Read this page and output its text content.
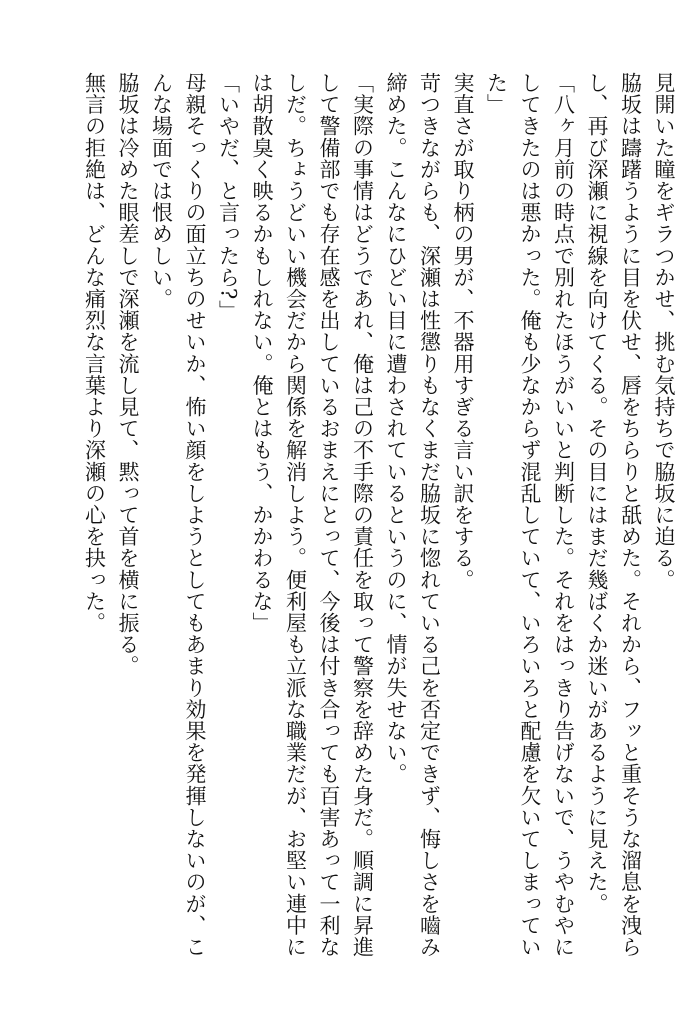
見開いた瞳をギラつかせ、挑む気持ちで脇坂に迫る。

脇坂は躊躇うように目を伏せ、唇をちらりと舐めた。それから、フッと重そうな溜息を洩らし、再び深瀬に視線を向けてくる。その目にはまだ幾ばくか迷いがあるように見えた。

「八ヶ月前の時点で別れたほうがいいと判断した。それをはっきり告げないで、うやむやにしてきたのは悪かった。俺も少なからず混乱していて、いろいろと配慮を欠いてしまっていた」

実直さが取り柄の男が、不器用すぎる言い訳をする。

苛つきながらも、深瀬は性懲りもなくまだ脇坂に惚れている己を否定できず、悔しさを嚙み締めた。こんなにひどい目に遭わされているというのに、情が失せない。

「実際の事情はどうであれ、俺は己の不手際の責任を取って警察を辞めた身だ。順調に昇進して警備部でも存在感を出しているおまえにとって、今後は付き合っても百害あって一利なしだ。ちょうどいい機会だから関係を解消しよう。便利屋も立派な職業だが、お堅い連中には胡散臭く映るかもしれない。俺とはもう、かかわるな」

「いやだ、と言ったら?」

母親そっくりの面立ちのせいか、怖い顔をしようとしてもあまり効果を発揮しないのが、こんな場面では恨めしい。

脇坂は冷めた眼差しで深瀬を流し見て、黙って首を横に振る。

無言の拒絶は、どんな痛烈な言葉より深瀬の心を抉った。
